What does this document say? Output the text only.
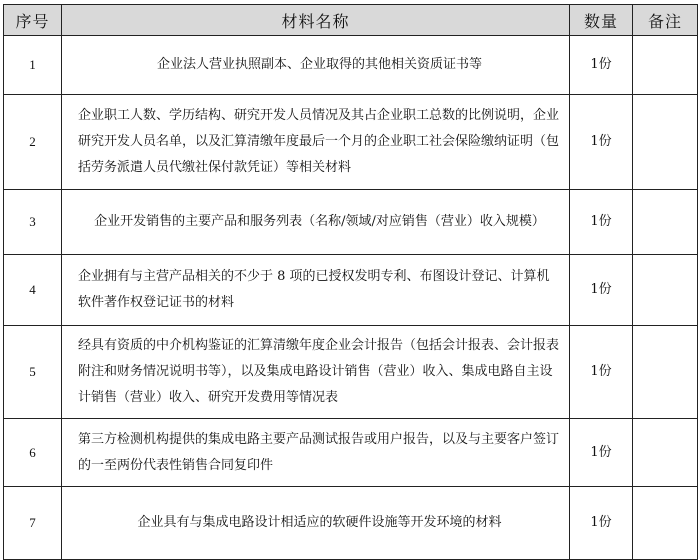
序号	材料名称	数量	备注
1	企业法人营业执照副本、企业取得的其他相关资质证书等	1份	
2	企业职工人数、学历结构、研究开发人员情况及其占企业职工总数的比例说明，企业研究开发人员名单，以及汇算清缴年度最后一个月的企业职工社会保险缴纳证明（包括劳务派遣人员代缴社保付款凭证）等相关材料	1份	
3	企业开发销售的主要产品和服务列表（名称/领域/对应销售（营业）收入规模）	1份	
4	企业拥有与主营产品相关的不少于 8 项的已授权发明专利、布图设计登记、计算机软件著作权登记证书的材料	1份	
5	经具有资质的中介机构鉴证的汇算清缴年度企业会计报告（包括会计报表、会计报表附注和财务情况说明书等），以及集成电路设计销售（营业）收入、集成电路自主设计销售（营业）收入、研究开发费用等情况表	1份	
6	第三方检测机构提供的集成电路主要产品测试报告或用户报告，以及与主要客户签订的一至两份代表性销售合同复印件	1份	
7	企业具有与集成电路设计相适应的软硬件设施等开发环境的材料	1份	
